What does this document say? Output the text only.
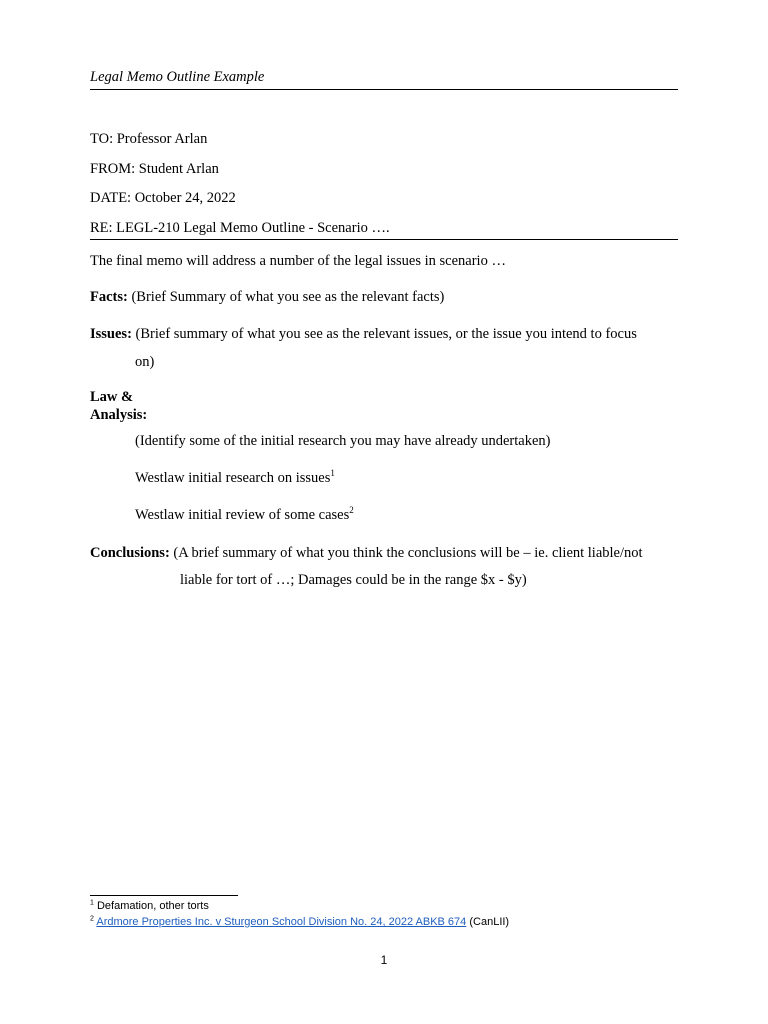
Legal Memo Outline Example
TO: Professor Arlan
FROM: Student Arlan
DATE: October 24, 2022
RE: LEGL-210 Legal Memo Outline - Scenario ….
The final memo will address a number of the legal issues in scenario …
Facts: (Brief Summary of what you see as the relevant facts)
Issues: (Brief summary of what you see as the relevant issues, or the issue you intend to focus
on)
Law &
Analysis:
(Identify some of the initial research you may have already undertaken)
Westlaw initial research on issues$^1$
Westlaw initial review of some cases$^2$
Conclusions: (A brief summary of what you think the conclusions will be – ie. client liable/not
liable for tort of …; Damages could be in the range $x - $y)
$^1$ Defamation, other torts
$^2$ Ardmore Properties Inc. v Sturgeon School Division No. 24, 2022 ABKB 674 (CanLII)
1
